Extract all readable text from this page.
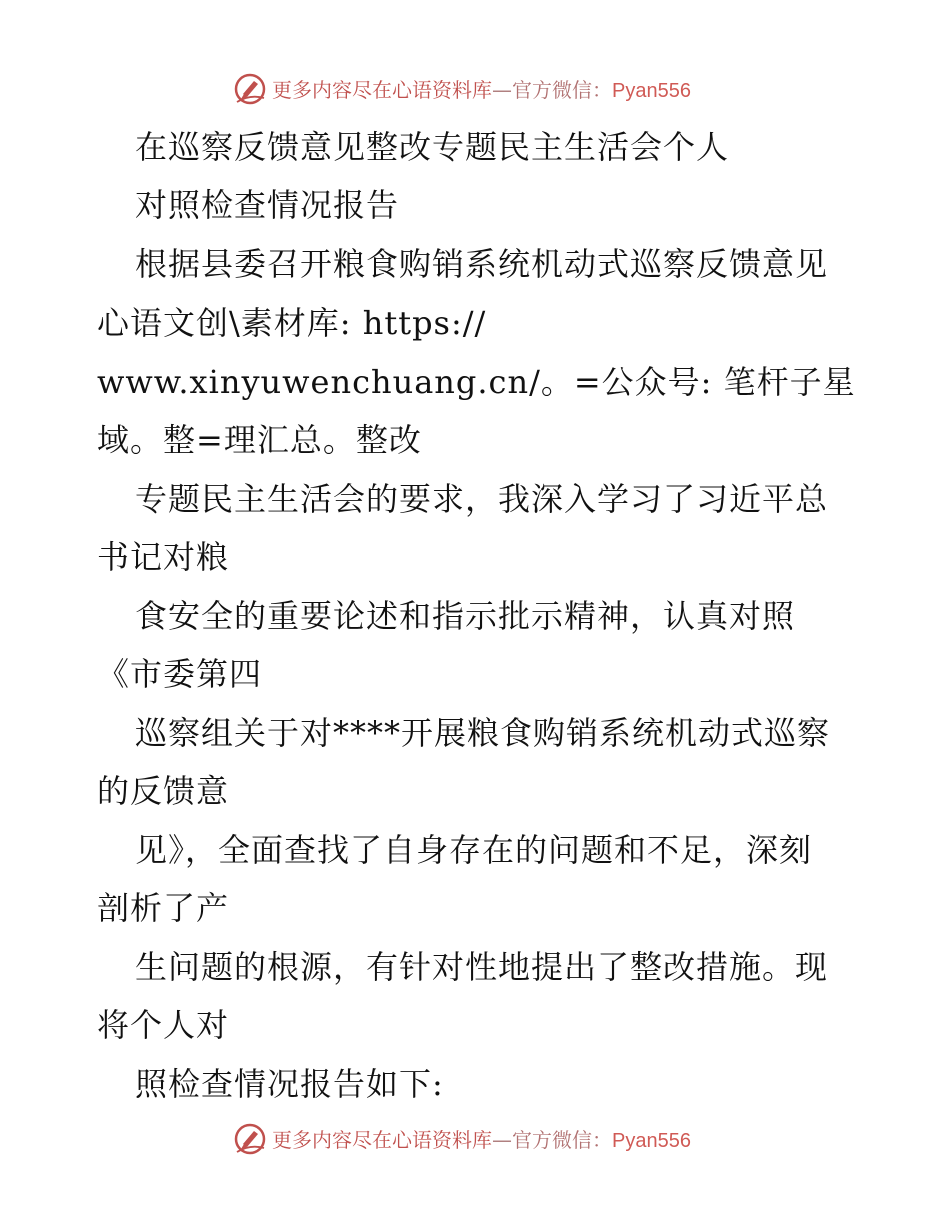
更多内容尽在心语资料库—官方微信：Pyan556
在巡察反馈意见整改专题民主生活会个人
对照检查情况报告
根据县委召开粮食购销系统机动式巡察反馈意见
心语文创\素材库: https://
www.xinyuwenchuang.cn/。=公众号: 笔杆子星
域。整=理汇总。整改
专题民主生活会的要求，我深入学习了习近平总
书记对粮
食安全的重要论述和指示批示精神，认真对照
《市委第四
巡察组关于对****开展粮食购销系统机动式巡察
的反馈意
见》，全面查找了自身存在的问题和不足，深刻
剖析了产
生问题的根源，有针对性地提出了整改措施。现
将个人对
照检查情况报告如下:
更多内容尽在心语资料库—官方微信：Pyan556
